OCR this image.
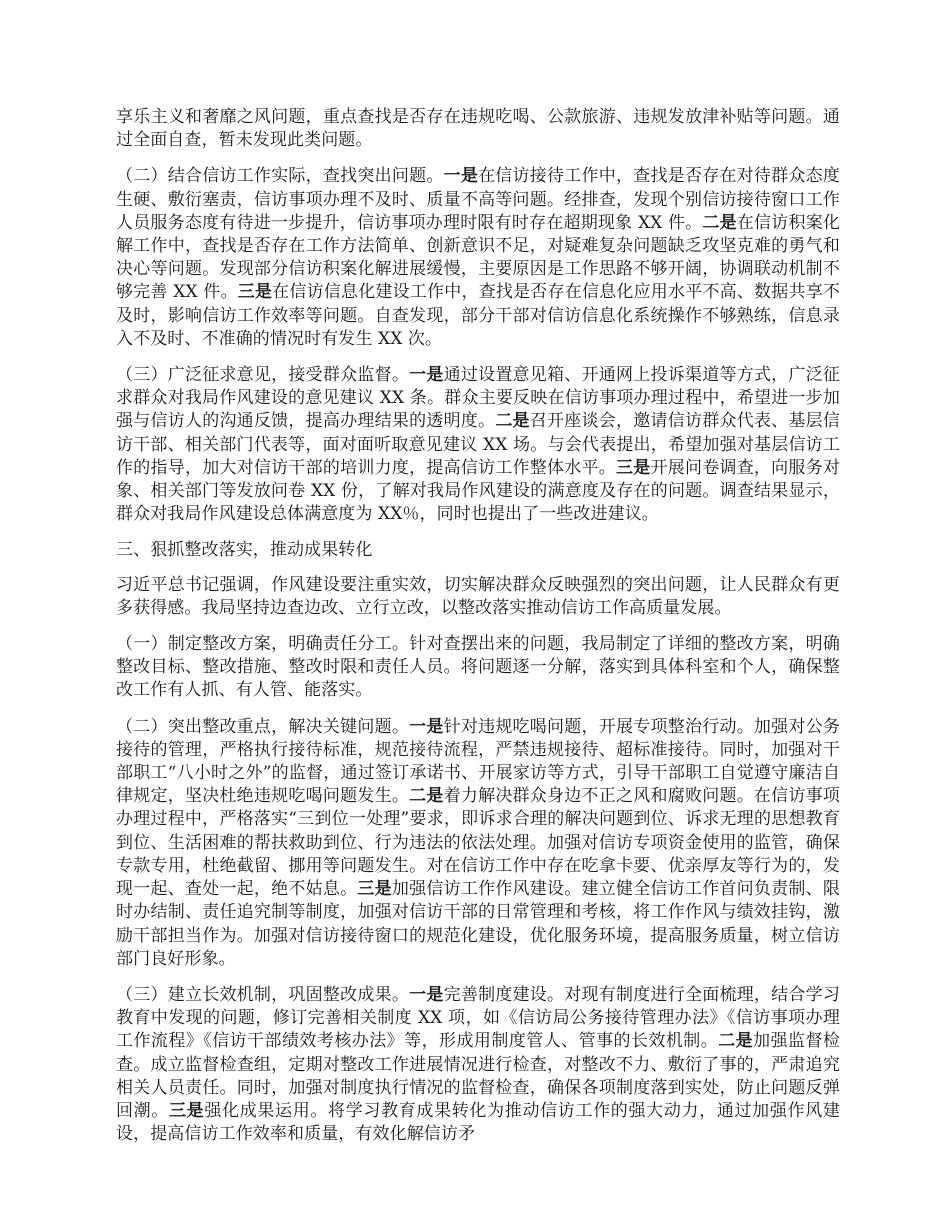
享乐主义和奢靡之风问题，重点查找是否存在违规吃喝、公款旅游、违规发放津补贴等问题。通过全面自查，暂未发现此类问题。

（二）结合信访工作实际，查找突出问题。一是在信访接待工作中，查找是否存在对待群众态度生硬、敷衍塞责，信访事项办理不及时、质量不高等问题。经排查，发现个别信访接待窗口工作人员服务态度有待进一步提升，信访事项办理时限有时存在超期现象 XX 件。二是在信访积案化解工作中，查找是否存在工作方法简单、创新意识不足，对疑难复杂问题缺乏攻坚克难的勇气和决心等问题。发现部分信访积案化解进展缓慢，主要原因是工作思路不够开阔，协调联动机制不够完善 XX 件。三是在信访信息化建设工作中，查找是否存在信息化应用水平不高、数据共享不及时，影响信访工作效率等问题。自查发现，部分干部对信访信息化系统操作不够熟练，信息录入不及时、不准确的情况时有发生 XX 次。

（三）广泛征求意见，接受群众监督。一是通过设置意见箱、开通网上投诉渠道等方式，广泛征求群众对我局作风建设的意见建议 XX 条。群众主要反映在信访事项办理过程中，希望进一步加强与信访人的沟通反馈，提高办理结果的透明度。二是召开座谈会，邀请信访群众代表、基层信访干部、相关部门代表等，面对面听取意见建议 XX 场。与会代表提出，希望加强对基层信访工作的指导，加大对信访干部的培训力度，提高信访工作整体水平。三是开展问卷调查，向服务对象、相关部门等发放问卷 XX 份，了解对我局作风建设的满意度及存在的问题。调查结果显示，群众对我局作风建设总体满意度为 XX％，同时也提出了一些改进建议。

三、狠抓整改落实，推动成果转化

习近平总书记强调，作风建设要注重实效，切实解决群众反映强烈的突出问题，让人民群众有更多获得感。我局坚持边查边改、立行立改，以整改落实推动信访工作高质量发展。

（一）制定整改方案，明确责任分工。针对查摆出来的问题，我局制定了详细的整改方案，明确整改目标、整改措施、整改时限和责任人员。将问题逐一分解，落实到具体科室和个人，确保整改工作有人抓、有人管、能落实。

（二）突出整改重点，解决关键问题。一是针对违规吃喝问题，开展专项整治行动。加强对公务接待的管理，严格执行接待标准，规范接待流程，严禁违规接待、超标准接待。同时，加强对干部职工“八小时之外”的监督，通过签订承诺书、开展家访等方式，引导干部职工自觉遵守廉洁自律规定，坚决杜绝违规吃喝问题发生。二是着力解决群众身边不正之风和腐败问题。在信访事项办理过程中，严格落实“三到位一处理”要求，即诉求合理的解决问题到位、诉求无理的思想教育到位、生活困难的帮扶救助到位、行为违法的依法处理。加强对信访专项资金使用的监管，确保专款专用，杜绝截留、挪用等问题发生。对在信访工作中存在吃拿卡要、优亲厚友等行为的，发现一起、查处一起，绝不姑息。三是加强信访工作作风建设。建立健全信访工作首问负责制、限时办结制、责任追究制等制度，加强对信访干部的日常管理和考核，将工作作风与绩效挂钩，激励干部担当作为。加强对信访接待窗口的规范化建设，优化服务环境，提高服务质量，树立信访部门良好形象。

（三）建立长效机制，巩固整改成果。一是完善制度建设。对现有制度进行全面梳理，结合学习教育中发现的问题，修订完善相关制度 XX 项，如《信访局公务接待管理办法》《信访事项办理工作流程》《信访干部绩效考核办法》等，形成用制度管人、管事的长效机制。二是加强监督检查。成立监督检查组，定期对整改工作进展情况进行检查，对整改不力、敷衍了事的，严肃追究相关人员责任。同时，加强对制度执行情况的监督检查，确保各项制度落到实处，防止问题反弹回潮。三是强化成果运用。将学习教育成果转化为推动信访工作的强大动力，通过加强作风建设，提高信访工作效率和质量，有效化解信访矛
